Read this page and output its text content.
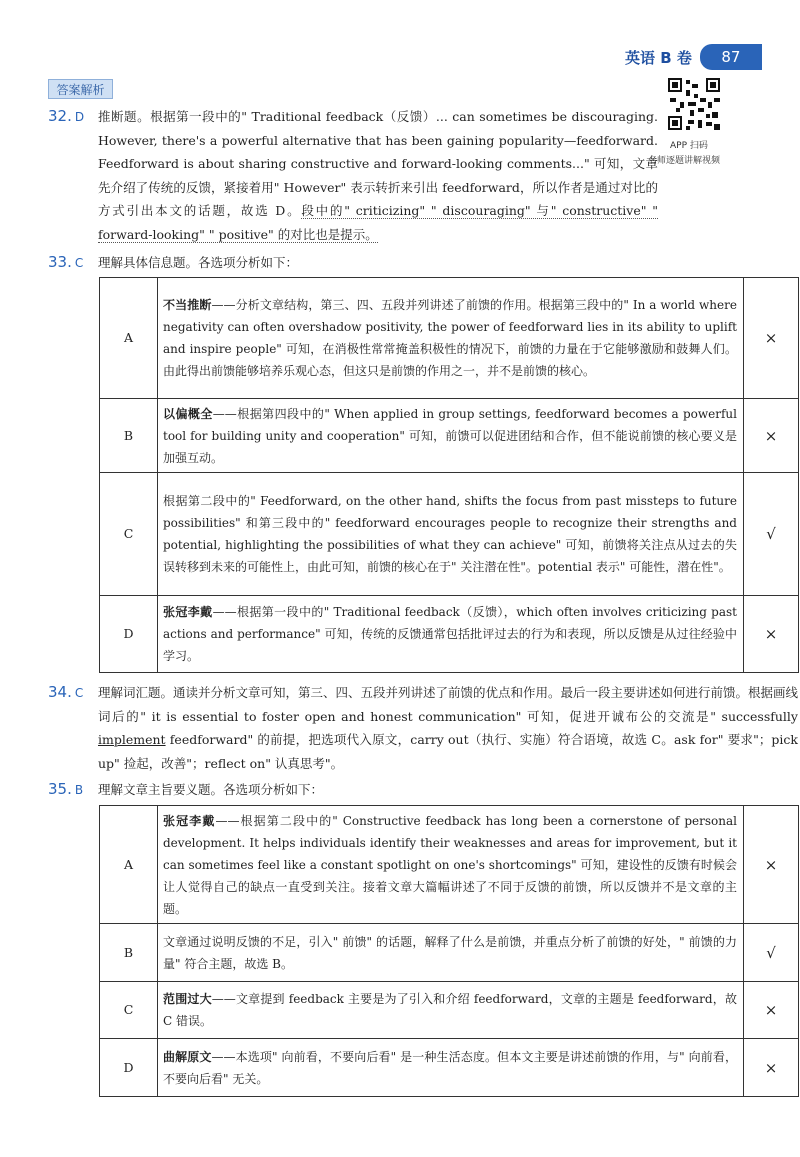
英语 B 卷	87
答案解析
APP 扫码
名师逐题讲解视频
32. D 推断题。根据第一段中的" Traditional feedback（反馈）... can sometimes be discouraging. However, there's a powerful alternative that has been gaining popularity—feedforward. Feedforward is about sharing constructive and forward-looking comments..." 可知，文章先介绍了传统的反馈，紧接着用" However" 表示转折来引出 feedforward，所以作者是通过对比的方式引出本文的话题，故选 D。段中的" criticizing" " discouraging" 与" constructive" " forward-looking" " positive" 的对比也是提示。
33. C 理解具体信息题。各选项分析如下：
A	不当推断——分析文章结构，第三、四、五段并列讲述了前馈的作用。根据第三段中的" In a world where negativity can often overshadow positivity, the power of feedforward lies in its ability to uplift and inspire people" 可知，在消极性常常掩盖积极性的情况下，前馈的力量在于它能够激励和鼓舞人们。由此得出前馈能够培养乐观心态，但这只是前馈的作用之一，并不是前馈的核心。	×
B	以偏概全——根据第四段中的" When applied in group settings, feedforward becomes a powerful tool for building unity and cooperation" 可知，前馈可以促进团结和合作，但不能说前馈的核心要义是加强互动。	×
C	根据第二段中的" Feedforward, on the other hand, shifts the focus from past missteps to future possibilities" 和第三段中的" feedforward encourages people to recognize their strengths and potential, highlighting the possibilities of what they can achieve" 可知，前馈将关注点从过去的失误转移到未来的可能性上，由此可知，前馈的核心在于" 关注潜在性"。potential 表示" 可能性，潜在性"。	√
D	张冠李戴——根据第一段中的" Traditional feedback（反馈），which often involves criticizing past actions and performance" 可知，传统的反馈通常包括批评过去的行为和表现，所以反馈是从过往经验中学习。	×
34. C 理解词汇题。通读并分析文章可知，第三、四、五段并列讲述了前馈的优点和作用。最后一段主要讲述如何进行前馈。根据画线词后的" it is essential to foster open and honest communication" 可知，促进开诚布公的交流是" successfully implement feedforward" 的前提，把选项代入原文，carry out（执行、实施）符合语境，故选 C。ask for" 要求"；pick up" 捡起，改善"；reflect on" 认真思考"。
35. B 理解文章主旨要义题。各选项分析如下：
A	张冠李戴——根据第二段中的" Constructive feedback has long been a cornerstone of personal development. It helps individuals identify their weaknesses and areas for improvement, but it can sometimes feel like a constant spotlight on one's shortcomings" 可知，建设性的反馈有时候会让人觉得自己的缺点一直受到关注。接着文章大篇幅讲述了不同于反馈的前馈，所以反馈并不是文章的主题。	×
B	文章通过说明反馈的不足，引入" 前馈" 的话题，解释了什么是前馈，并重点分析了前馈的好处，" 前馈的力量" 符合主题，故选 B。	√
C	范围过大——文章提到 feedback 主要是为了引入和介绍 feedforward，文章的主题是 feedforward，故 C 错误。	×
D	曲解原文——本选项" 向前看，不要向后看" 是一种生活态度。但本文主要是讲述前馈的作用，与" 向前看，不要向后看" 无关。	×
